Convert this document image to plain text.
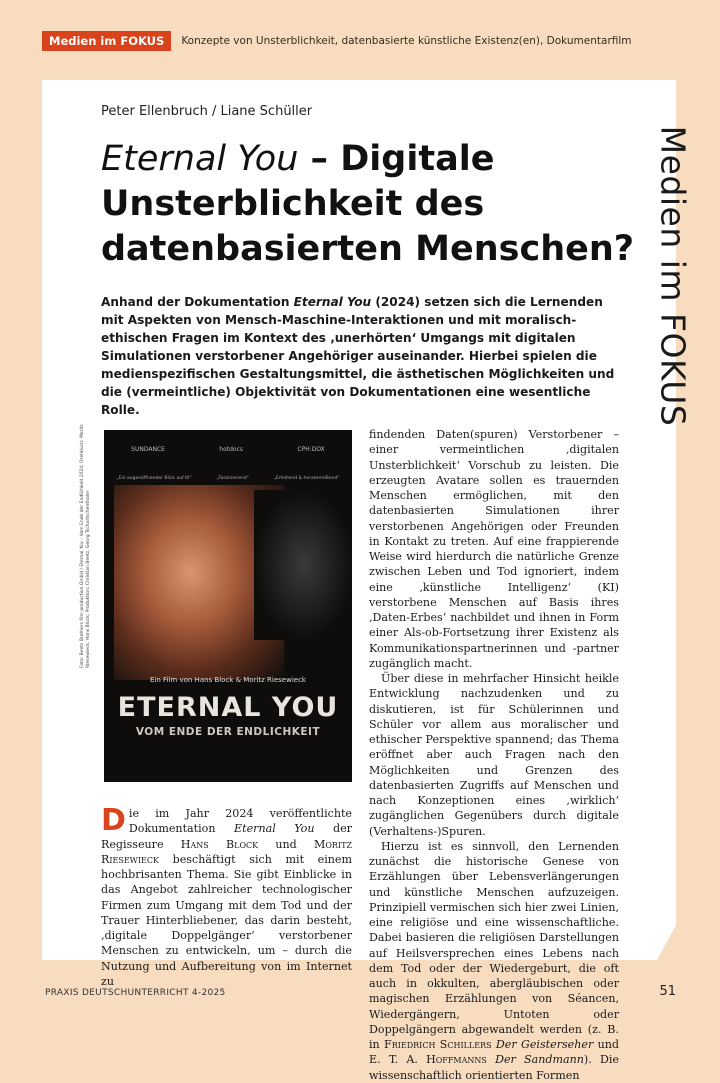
Medien im FOKUS	Konzepte von Unsterblichkeit, datenbasierte künstliche Existenz(en), Dokumentarfilm
Medien im FOKUS
Peter Ellenbruch / Liane Schüller
Eternal You – Digitale Unsterblichkeit des datenbasierten Menschen?

Anhand der Dokumentation Eternal You (2024) setzen sich die Lernenden mit Aspekten von Mensch-Maschine-Interaktionen und mit moralisch-ethischen Fragen im Kontext des ‚unerhörten‘ Umgangs mit digitalen Simulationen verstorbener Angehöriger auseinander. Hierbei spielen die medienspezifischen Gestaltungsmittel, die ästhetischen Möglichkeiten und die (vermeintliche) Objektivität von Dokumentationen eine wesentliche Rolle.

Foto: Beetz Brothers film production GmbH / Eternal You – Vom Ende der Endlichkeit 2024; Drehbuch: Moritz Riesewieck, Hans Block; Produktion: Christian Beetz, Georg Tschurtschenthaler
SUNDANCE	hotdocs	CPH:DOX
„Ein augenöffnender Blick auf KI“	„Faszinierend“	„Erhellend & herzzerreißend“
Ein Film von Hans Block & Moritz Riesewieck
ETERNAL YOU
VOM ENDE DER ENDLICHKEIT

Die im Jahr 2024 veröffentlichte Dokumentation Eternal You der Regisseure Hans Block und Moritz Riesewieck beschäftigt sich mit einem hochbrisanten Thema. Sie gibt Einblicke in das Angebot zahlreicher technologischer Firmen zum Umgang mit dem Tod und der Trauer Hinterbliebener, das darin besteht, ‚digitale Doppelgänger‘ verstorbener Menschen zu entwickeln, um – durch die Nutzung und Aufbereitung von im Internet zu

findenden Daten(spuren) Verstorbener – einer vermeintlichen ‚digitalen Unsterblichkeit‘ Vorschub zu leisten. Die erzeugten Avatare sollen es trauernden Menschen ermöglichen, mit den datenbasierten Simulationen ihrer verstorbenen Angehörigen oder Freunden in Kontakt zu treten. Auf eine frappierende Weise wird hierdurch die natürliche Grenze zwischen Leben und Tod ignoriert, indem eine ‚künstliche Intelligenz‘ (KI) verstorbene Menschen auf Basis ihres ‚Daten-Erbes‘ nachbildet und ihnen in Form einer Als-ob-Fortsetzung ihrer Existenz als Kommunikationspartnerinnen und -partner zugänglich macht.

Über diese in mehrfacher Hinsicht heikle Entwicklung nachzudenken und zu diskutieren, ist für Schülerinnen und Schüler vor allem aus moralischer und ethischer Perspektive spannend; das Thema eröffnet aber auch Fragen nach den Möglichkeiten und Grenzen des datenbasierten Zugriffs auf Menschen und nach Konzeptionen eines ‚wirklich‘ zugänglichen Gegenübers durch digitale (Verhaltens-)Spuren.

Hierzu ist es sinnvoll, den Lernenden zunächst die historische Genese von Erzählungen über Lebensverlängerungen und künstliche Menschen aufzuzeigen. Prinzipiell vermischen sich hier zwei Linien, eine religiöse und eine wissenschaftliche. Dabei basieren die religiösen Darstellungen auf Heilsversprechen eines Lebens nach dem Tod oder der Wiedergeburt, die oft auch in okkulten, abergläubischen oder magischen Erzählungen von Séancen, Wiedergängern, Untoten oder Doppelgängern abgewandelt werden (z. B. in Friedrich Schillers Der Geisterseher und E. T. A. Hoffmanns Der Sandmann). Die wissenschaftlich orientierten Formen

PRAXIS DEUTSCHUNTERRICHT 4-2025	51
